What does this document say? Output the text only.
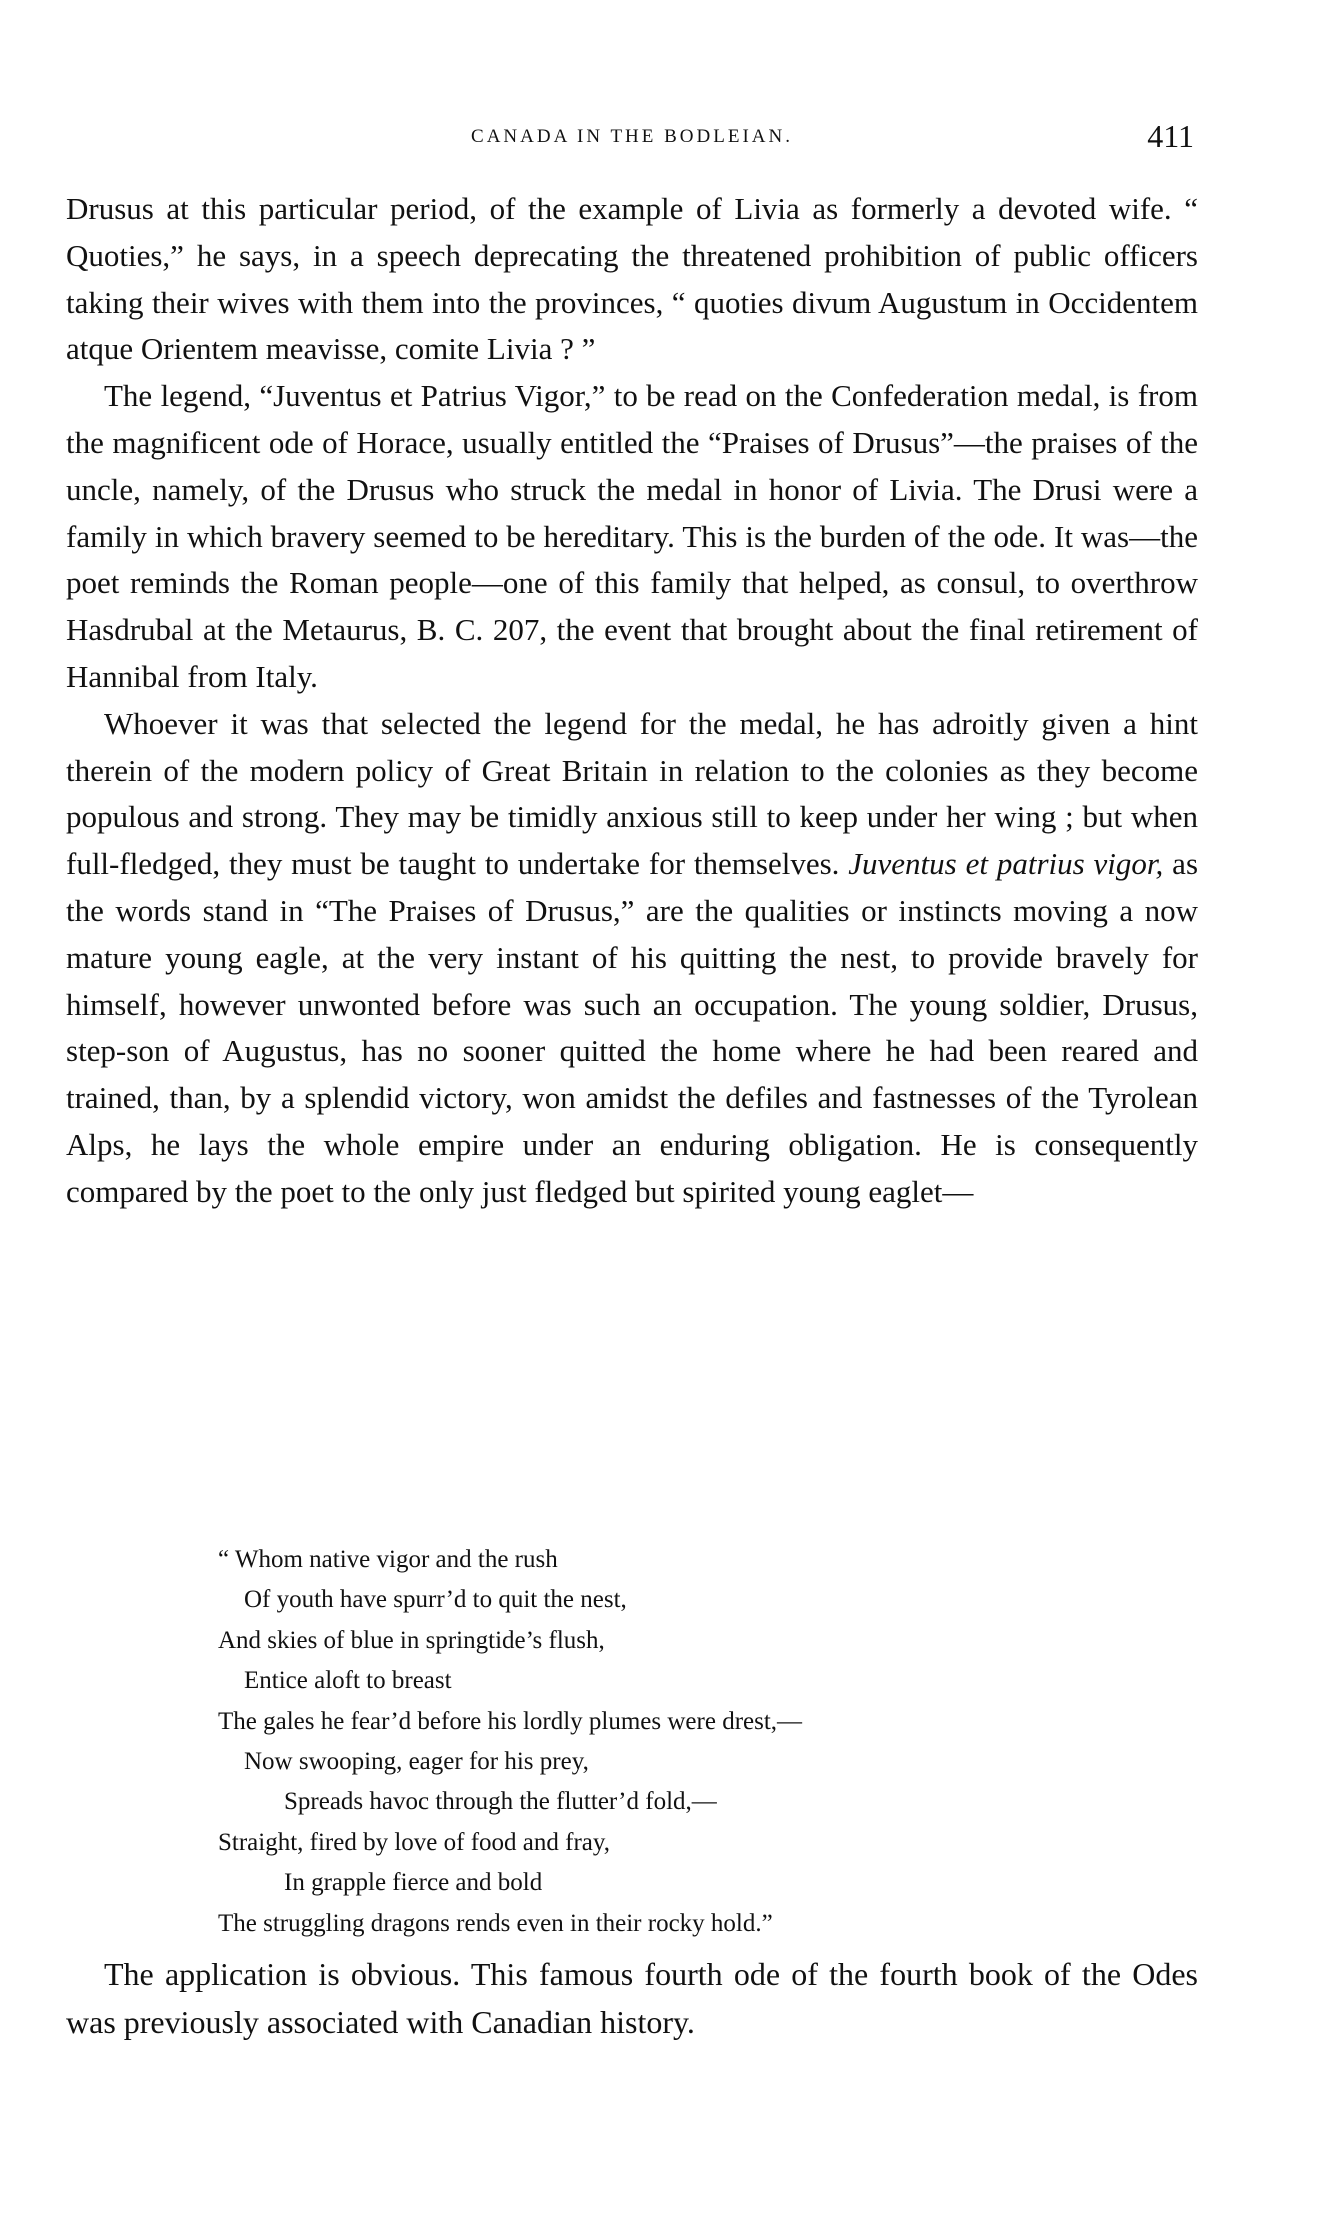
CANADA IN THE BODLEIAN.	411

Drusus at this particular period, of the example of Livia as formerly a devoted wife. “ Quoties,” he says, in a speech deprecating the threatened prohibition of public officers taking their wives with them into the provinces, “ quoties divum Augustum in Occidentem atque Orientem meavisse, comite Livia ? ”

The legend, “Juventus et Patrius Vigor,” to be read on the Confederation medal, is from the magnificent ode of Horace, usually entitled the “Praises of Drusus”—the praises of the uncle, namely, of the Drusus who struck the medal in honor of Livia. The Drusi were a family in which bravery seemed to be hereditary. This is the burden of the ode. It was—the poet reminds the Roman people—one of this family that helped, as consul, to overthrow Hasdrubal at the Metaurus, B. C. 207, the event that brought about the final retirement of Hannibal from Italy.

Whoever it was that selected the legend for the medal, he has adroitly given a hint therein of the modern policy of Great Britain in relation to the colonies as they become populous and strong. They may be timidly anxious still to keep under her wing ; but when full-fledged, they must be taught to undertake for themselves. Juventus et patrius vigor, as the words stand in “The Praises of Drusus,” are the qualities or instincts moving a now mature young eagle, at the very instant of his quitting the nest, to provide bravely for himself, however unwonted before was such an occupation. The young soldier, Drusus, step-son of Augustus, has no sooner quitted the home where he had been reared and trained, than, by a splendid victory, won amidst the defiles and fastnesses of the Tyrolean Alps, he lays the whole empire under an enduring obligation. He is consequently compared by the poet to the only just fledged but spirited young eaglet—

“ Whom native vigor and the rush
Of youth have spurr’d to quit the nest,
And skies of blue in springtide’s flush,
Entice aloft to breast
The gales he fear’d before his lordly plumes were drest,—
Now swooping, eager for his prey,
Spreads havoc through the flutter’d fold,—
Straight, fired by love of food and fray,
In grapple fierce and bold
The struggling dragons rends even in their rocky hold.”

The application is obvious. This famous fourth ode of the fourth book of the Odes was previously associated with Canadian history.
